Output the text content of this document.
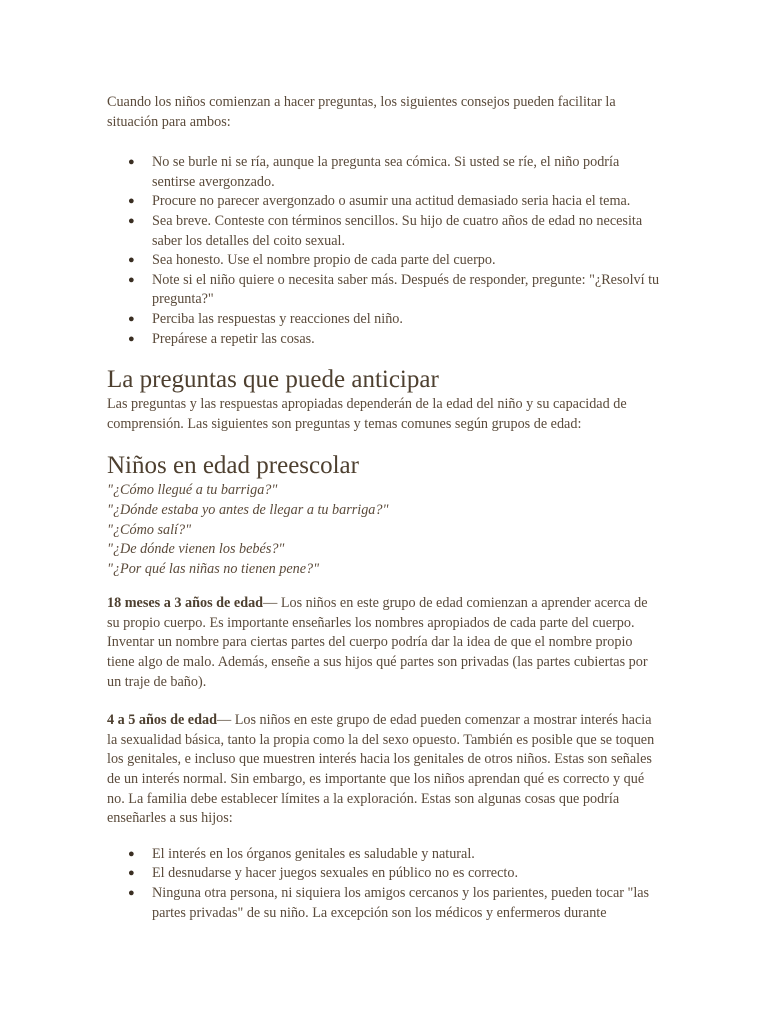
Cuando los niños comienzan a hacer preguntas, los siguientes consejos pueden facilitar la situación para ambos:

● No se burle ni se ría, aunque la pregunta sea cómica. Si usted se ríe, el niño podría sentirse avergonzado.
● Procure no parecer avergonzado o asumir una actitud demasiado seria hacia el tema.
● Sea breve. Conteste con términos sencillos. Su hijo de cuatro años de edad no necesita saber los detalles del coito sexual.
● Sea honesto. Use el nombre propio de cada parte del cuerpo.
● Note si el niño quiere o necesita saber más. Después de responder, pregunte: "¿Resolví tu pregunta?"
● Perciba las respuestas y reacciones del niño.
● Prepárese a repetir las cosas.
La preguntas que puede anticipar

Las preguntas y las respuestas apropiadas dependerán de la edad del niño y su capacidad de comprensión. Las siguientes son preguntas y temas comunes según grupos de edad:

Niños en edad preescolar

"¿Cómo llegué a tu barriga?"

"¿Dónde estaba yo antes de llegar a tu barriga?"

"¿Cómo salí?"

"¿De dónde vienen los bebés?"

"¿Por qué las niñas no tienen pene?"

18 meses a 3 años de edad— Los niños en este grupo de edad comienzan a aprender acerca de su propio cuerpo. Es importante enseñarles los nombres apropiados de cada parte del cuerpo. Inventar un nombre para ciertas partes del cuerpo podría dar la idea de que el nombre propio tiene algo de malo. Además, enseñe a sus hijos qué partes son privadas (las partes cubiertas por un traje de baño).

4 a 5 años de edad— Los niños en este grupo de edad pueden comenzar a mostrar interés hacia la sexualidad básica, tanto la propia como la del sexo opuesto. También es posible que se toquen los genitales, e incluso que muestren interés hacia los genitales de otros niños. Estas son señales de un interés normal. Sin embargo, es importante que los niños aprendan qué es correcto y qué no. La familia debe establecer límites a la exploración. Estas son algunas cosas que podría enseñarles a sus hijos:

● El interés en los órganos genitales es saludable y natural.
● El desnudarse y hacer juegos sexuales en público no es correcto.
● Ninguna otra persona, ni siquiera los amigos cercanos y los parientes, pueden tocar "las partes privadas" de su niño. La excepción son los médicos y enfermeros durante
